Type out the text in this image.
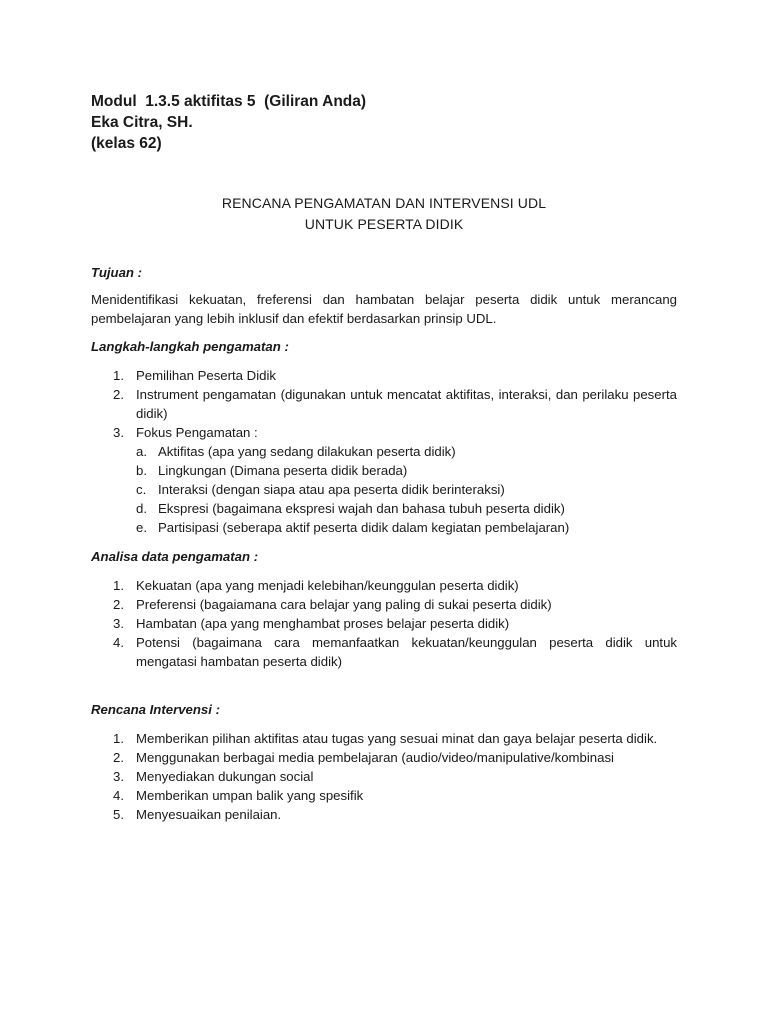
Modul  1.3.5 aktifitas 5  (Giliran Anda)

Eka Citra, SH.

(kelas 62)

RENCANA PENGAMATAN DAN INTERVENSI UDL

UNTUK PESERTA DIDIK

Tujuan :

Menidentifikasi kekuatan, freferensi dan hambatan belajar peserta didik untuk merancang pembelajaran yang lebih inklusif dan efektif berdasarkan prinsip UDL.

Langkah-langkah pengamatan :

1. Pemilihan Peserta Didik
2. Instrument pengamatan (digunakan untuk mencatat aktifitas, interaksi, dan perilaku peserta didik)
3. Fokus Pengamatan :
a. Aktifitas (apa yang sedang dilakukan peserta didik)
b. Lingkungan (Dimana peserta didik berada)
c. Interaksi (dengan siapa atau apa peserta didik berinteraksi)
d. Ekspresi (bagaimana ekspresi wajah dan bahasa tubuh peserta didik)
e. Partisipasi (seberapa aktif peserta didik dalam kegiatan pembelajaran)

Analisa data pengamatan :

1. Kekuatan (apa yang menjadi kelebihan/keunggulan peserta didik)
2. Preferensi (bagaiamana cara belajar yang paling di sukai peserta didik)
3. Hambatan (apa yang menghambat proses belajar peserta didik)
4. Potensi (bagaimana cara memanfaatkan kekuatan/keunggulan peserta didik untuk mengatasi hambatan peserta didik)

Rencana Intervensi :

1. Memberikan pilihan aktifitas atau tugas yang sesuai minat dan gaya belajar peserta didik.
2. Menggunakan berbagai media pembelajaran (audio/video/manipulative/kombinasi
3. Menyediakan dukungan social
4. Memberikan umpan balik yang spesifik
5. Menyesuaikan penilaian.
